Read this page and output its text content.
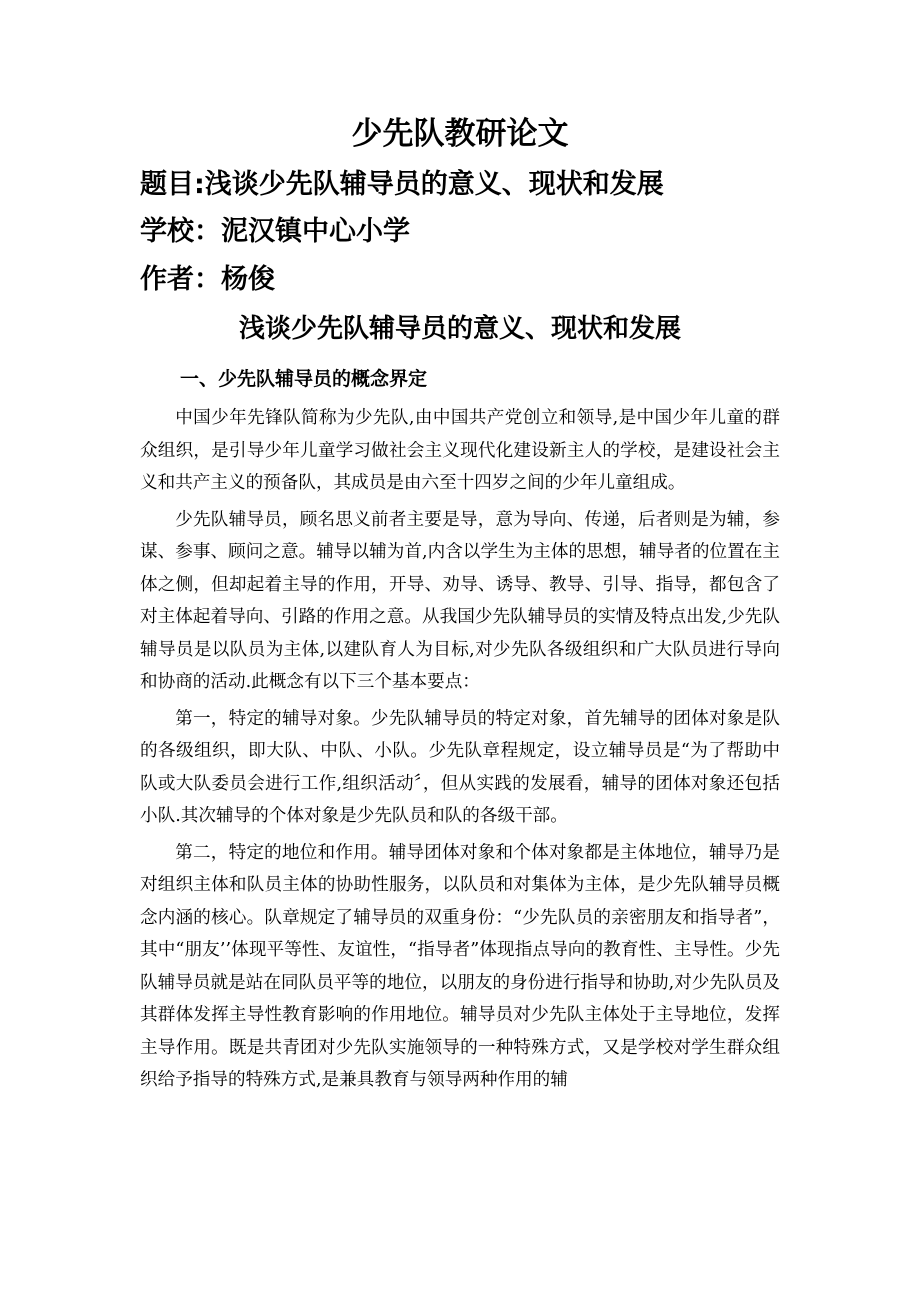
少先队教研论文
题目:浅谈少先队辅导员的意义、现状和发展
学校：泥汉镇中心小学
作者：杨俊
浅谈少先队辅导员的意义、现状和发展
一、少先队辅导员的概念界定

中国少年先锋队简称为少先队,由中国共产党创立和领导,是中国少年儿童的群众组织，是引导少年儿童学习做社会主义现代化建设新主人的学校，是建设社会主义和共产主义的预备队，其成员是由六至十四岁之间的少年儿童组成。

少先队辅导员，顾名思义前者主要是导，意为导向、传递，后者则是为辅，参谋、参事、顾问之意。辅导以辅为首,内含以学生为主体的思想，辅导者的位置在主体之侧，但却起着主导的作用，开导、劝导、诱导、教导、引导、指导，都包含了对主体起着导向、引路的作用之意。从我国少先队辅导员的实情及特点出发,少先队辅导员是以队员为主体,以建队育人为目标,对少先队各级组织和广大队员进行导向和协商的活动.此概念有以下三个基本要点：

第一，特定的辅导对象。少先队辅导员的特定对象，首先辅导的团体对象是队的各级组织，即大队、中队、小队。少先队章程规定，设立辅导员是“为了帮助中队或大队委员会进行工作,组织活动〞，但从实践的发展看，辅导的团体对象还包括小队.其次辅导的个体对象是少先队员和队的各级干部。

第二，特定的地位和作用。辅导团体对象和个体对象都是主体地位，辅导乃是对组织主体和队员主体的协助性服务，以队员和对集体为主体，是少先队辅导员概念内涵的核心。队章规定了辅导员的双重身份：“少先队员的亲密朋友和指导者”，其中“朋友’’体现平等性、友谊性，“指导者”体现指点导向的教育性、主导性。少先队辅导员就是站在同队员平等的地位，以朋友的身份进行指导和协助,对少先队员及其群体发挥主导性教育影响的作用地位。辅导员对少先队主体处于主导地位，发挥主导作用。既是共青团对少先队实施领导的一种特殊方式，又是学校对学生群众组织给予指导的特殊方式,是兼具教育与领导两种作用的辅
